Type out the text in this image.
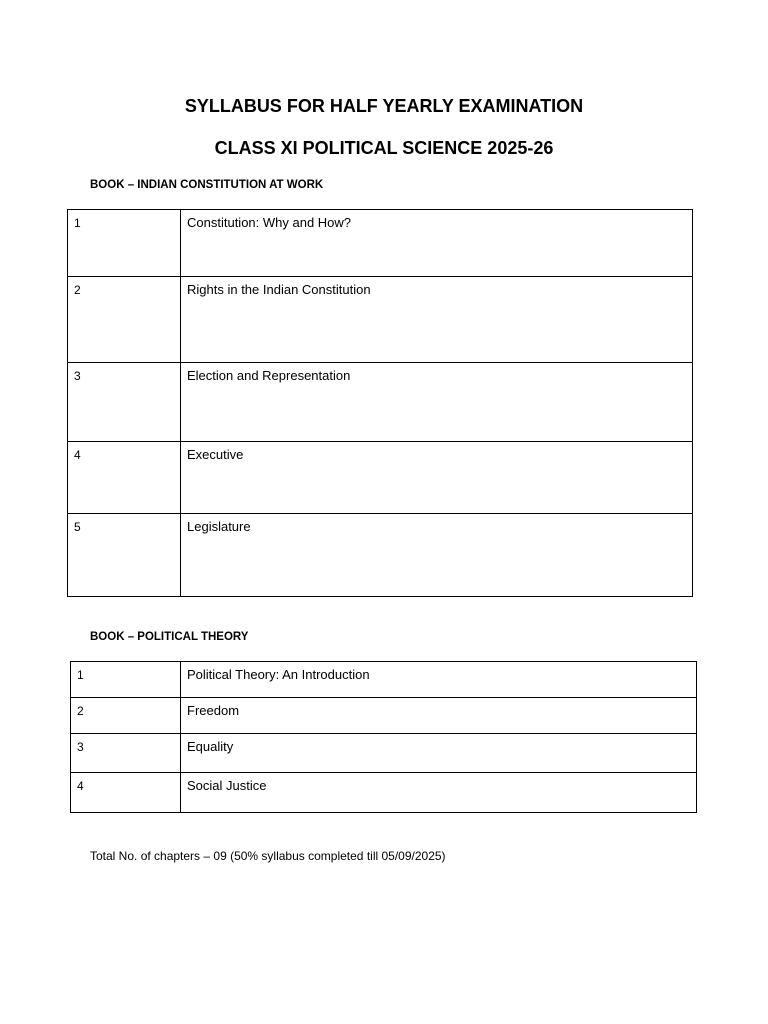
SYLLABUS FOR HALF YEARLY EXAMINATION
CLASS XI POLITICAL SCIENCE 2025-26

BOOK – INDIAN CONSTITUTION AT WORK

1	Constitution: Why and How?
2	Rights in the Indian Constitution
3	Election and Representation
4	Executive
5	Legislature

BOOK – POLITICAL THEORY

1	Political Theory: An Introduction
2	Freedom
3	Equality
4	Social Justice

Total No. of chapters – 09 (50% syllabus completed till 05/09/2025)
